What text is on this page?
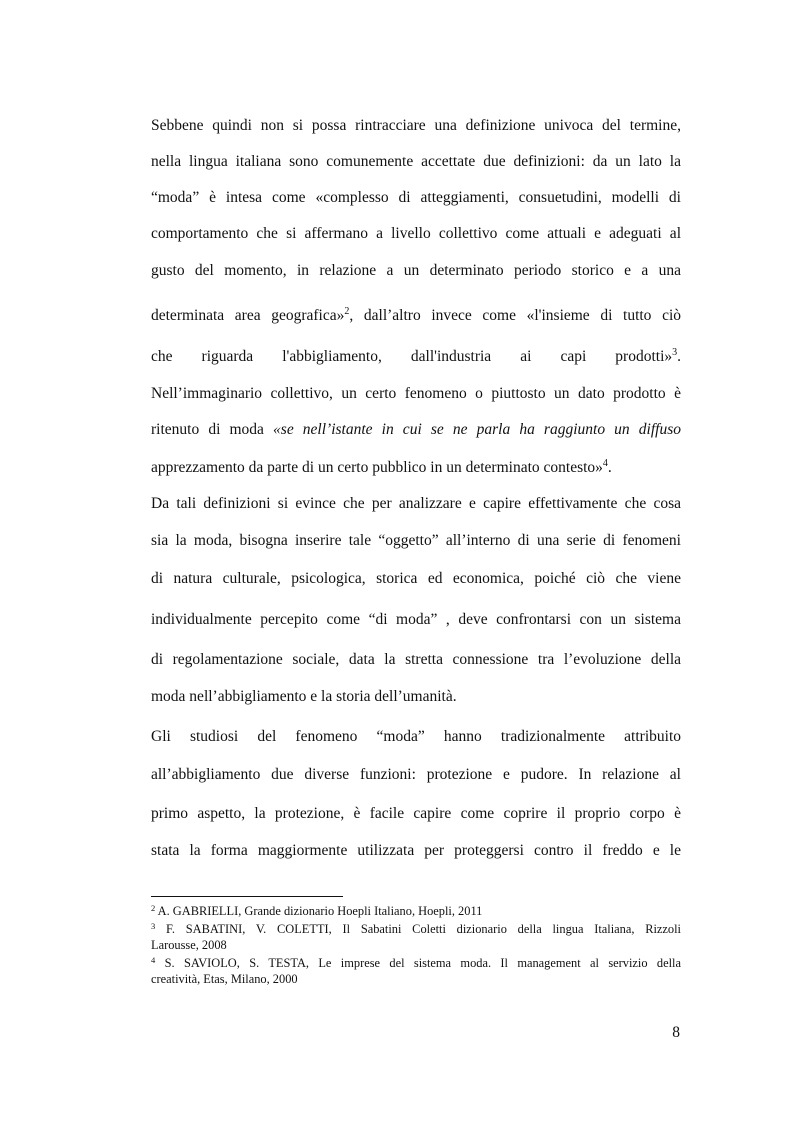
Sebbene quindi non si possa rintracciare una definizione univoca del termine,
nella lingua italiana sono comunemente accettate due definizioni: da un lato la
“moda” è intesa come «complesso di atteggiamenti, consuetudini, modelli di
comportamento che si affermano a livello collettivo come attuali e adeguati al
gusto del momento, in relazione a un determinato periodo storico e a una
determinata area geografica»$^2$, dall’altro invece come «l'insieme di tutto ciò
che riguarda l'abbigliamento, dall'industria ai capi prodotti»$^3$.
Nell’immaginario collettivo, un certo fenomeno o piuttosto un dato prodotto è
ritenuto di moda «se nell’istante in cui se ne parla ha raggiunto un diffuso
apprezzamento da parte di un certo pubblico in un determinato contesto»$^4$.
Da tali definizioni si evince che per analizzare e capire effettivamente che cosa
sia la moda, bisogna inserire tale “oggetto” all’interno di una serie di fenomeni
di natura culturale, psicologica, storica ed economica, poiché ciò che viene
individualmente percepito come “di moda” , deve confrontarsi con un sistema
di regolamentazione sociale, data la stretta connessione tra l’evoluzione della
moda nell’abbigliamento e la storia dell’umanità.
Gli studiosi del fenomeno “moda” hanno tradizionalmente attribuito
all’abbigliamento due diverse funzioni: protezione e pudore. In relazione al
primo aspetto, la protezione, è facile capire come coprire il proprio corpo è
stata la forma maggiormente utilizzata per proteggersi contro il freddo e le
$^2$ A. GABRIELLI, Grande dizionario Hoepli Italiano, Hoepli, 2011
$^3$ F. SABATINI, V. COLETTI, Il Sabatini Coletti dizionario della lingua Italiana, Rizzoli
Larousse, 2008
$^4$ S. SAVIOLO, S. TESTA, Le imprese del sistema moda. Il management al servizio della
creatività, Etas, Milano, 2000
8
